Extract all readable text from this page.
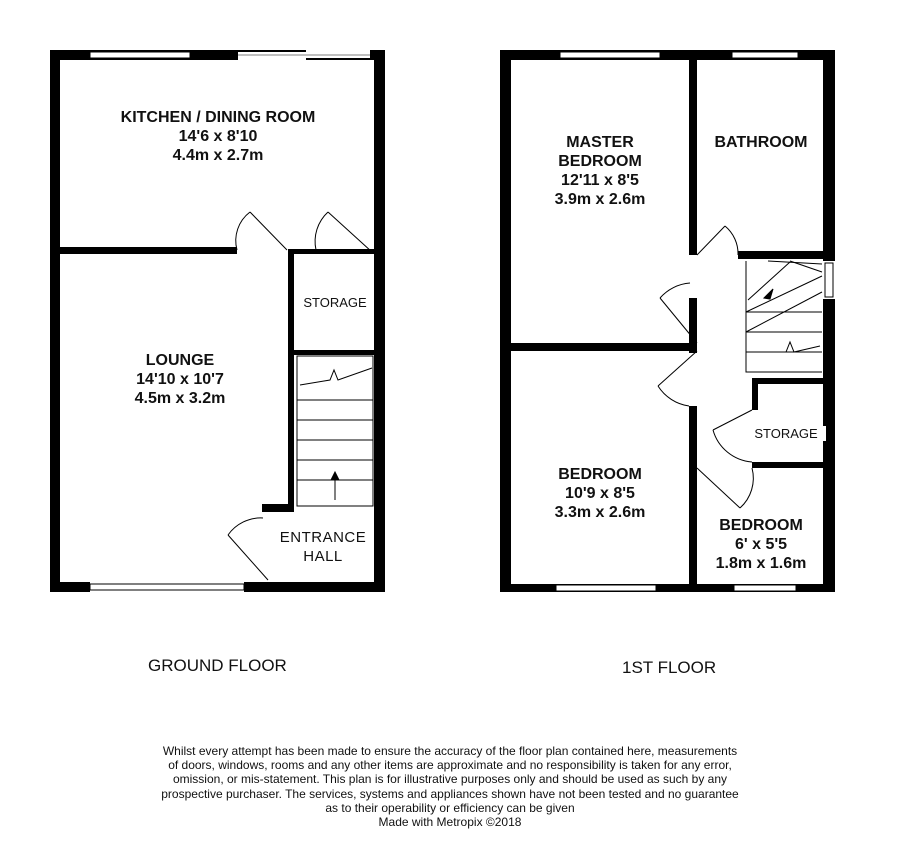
KITCHEN / DINING ROOM
14'6 x 8'10
4.4m x 2.7m
LOUNGE
14'10 x 10'7
4.5m x 3.2m
STORAGE
ENTRANCE
HALL
GROUND FLOOR
MASTER
BEDROOM
12'11 x 8'5
3.9m x 2.6m
BATHROOM
BEDROOM
10'9 x 8'5
3.3m x 2.6m
BEDROOM
6' x 5'5
1.8m x 1.6m
STORAGE
1ST FLOOR
Whilst every attempt has been made to ensure the accuracy of the floor plan contained here, measurements
of doors, windows, rooms and any other items are approximate and no responsibility is taken for any error,
omission, or mis-statement. This plan is for illustrative purposes only and should be used as such by any
prospective purchaser. The services, systems and appliances shown have not been tested and no guarantee
as to their operability or efficiency can be given
Made with Metropix ©2018
